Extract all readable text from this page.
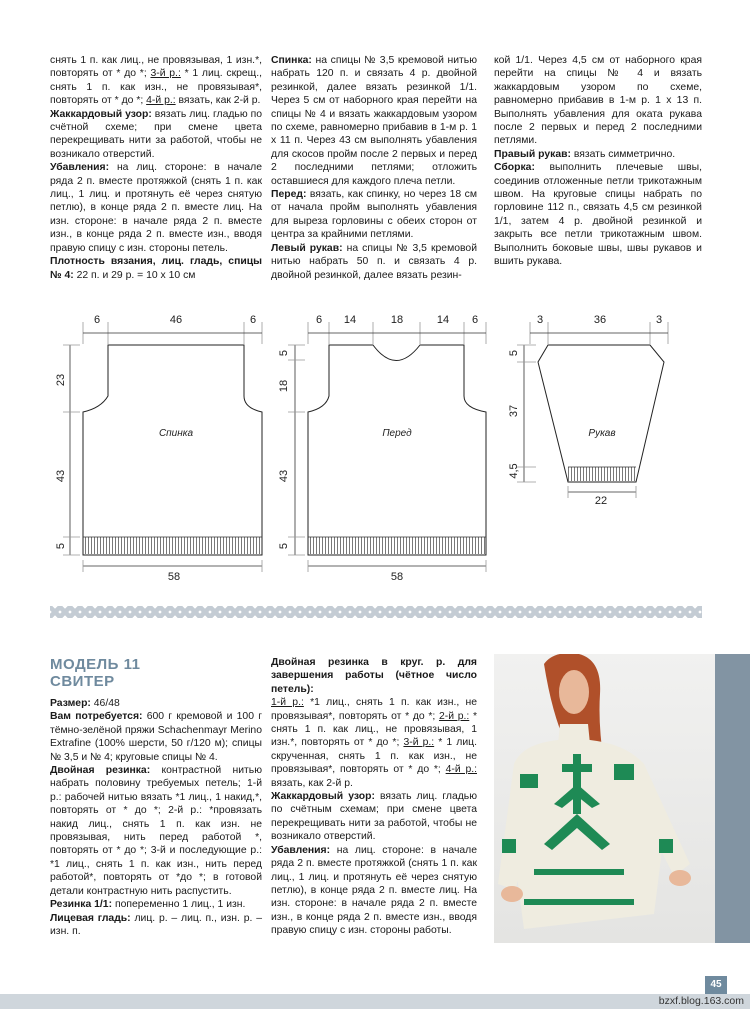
снять 1 п. как лиц., не провязывая, 1 изн.*, повторять от * до *; 3-й р.: * 1 лиц. скрещ., снять 1 п. как изн., не провязывая*, повторять от * до *; 4-й р.: вязать, как 2-й р.

Жаккардовый узор: вязать лиц. гладью по счётной схеме; при смене цвета перекрещивать нити за работой, чтобы не возникало отверстий.

Убавления: на лиц. стороне: в начале ряда 2 п. вместе протяжкой (снять 1 п. как лиц., 1 лиц. и протянуть её через снятую петлю), в конце ряда 2 п. вместе лиц. На изн. стороне: в начале ряда 2 п. вместе изн., в конце ряда 2 п. вместе изн., вводя правую спицу с изн. стороны петель.

Плотность вязания, лиц. гладь, спицы № 4: 22 п. и 29 р. = 10 х 10 см

Спинка: на спицы № 3,5 кремовой нитью набрать 120 п. и связать 4 р. двойной резинкой, далее вязать резинкой 1/1. Через 5 см от наборного края перейти на спицы № 4 и вязать жаккардовым узором по схеме, равномерно прибавив в 1-м р. 1 х 11 п. Через 43 см выполнять убавления для скосов пройм после 2 первых и перед 2 последними петлями; отложить оставшиеся для каждого плеча петли.

Перед: вязать, как спинку, но через 18 см от начала пройм выполнять убавления для выреза горловины с обеих сторон от центра за крайними петлями.

Левый рукав: на спицы № 3,5 кремовой нитью набрать 50 п. и связать 4 р. двойной резинкой, далее вязать резин-

кой 1/1. Через 4,5 см от наборного края перейти на спицы № 4 и вязать жаккардовым узором по схеме, равномерно прибавив в 1-м р. 1 х 13 п. Выполнять убавления для оката рукава после 2 первых и перед 2 последними петлями.

Правый рукав: вязать симметрично.

Сборка: выполнить плечевые швы, соединив отложенные петли трикотажным швом. На круговые спицы набрать по горловине 112 п., связать 4,5 см резинкой 1/1, затем 4 р. двойной резинкой и закрыть все петли трикотажным швом. Выполнить боковые швы, швы рукавов и вшить рукава.

6	46	6
23
43
5
58
Спинка
6 14	18	14 6
5
18
43
5
58
Перед
3	36	3
5
37
4,5
22
Рукав
МОДЕЛЬ 11
СВИТЕР

Размер: 46/48

Вам потребуется: 600 г кремовой и 100 г тёмно-зелёной пряжи Schachenmayr Merino Extrafine (100% шерсти, 50 г/120 м); спицы № 3,5 и № 4; круговые спицы № 4.

Двойная резинка: контрастной нитью набрать половину требуемых петель; 1-й р.: рабочей нитью вязать *1 лиц., 1 накид,*, повторять от * до *; 2-й р.: *провязать накид лиц., снять 1 п. как изн. не провязывая, нить перед работой *, повторять от * до *; 3-й и последующие р.: *1 лиц., снять 1 п. как изн., нить перед работой*, повторять от *до *; в готовой детали контрастную нить распустить.

Резинка 1/1: попеременно 1 лиц., 1 изн.

Лицевая гладь: лиц. р. – лиц. п., изн. р. – изн. п.

Двойная резинка в круг. р. для завершения работы (чётное число петель):
1-й р.: *1 лиц., снять 1 п. как изн., не провязывая*, повторять от * до *; 2-й р.: * снять 1 п. как лиц., не провязывая, 1 изн.*, повторять от * до *; 3-й р.: * 1 лиц. скрученная, снять 1 п. как изн., не провязывая*, повторять от * до *; 4-й р.: вязать, как 2-й р.

Жаккардовый узор: вязать лиц. гладью по счётным схемам; при смене цвета перекрещивать нити за работой, чтобы не возникало отверстий.

Убавления: на лиц. стороне: в начале ряда 2 п. вместе протяжкой (снять 1 п. как лиц., 1 лиц. и протянуть её через снятую петлю), в конце ряда 2 п. вместе лиц. На изн. стороне: в начале ряда 2 п. вместе изн., в конце ряда 2 п. вместе изн., вводя правую спицу с изн. стороны работы.

45
bzxf.blog.163.com
